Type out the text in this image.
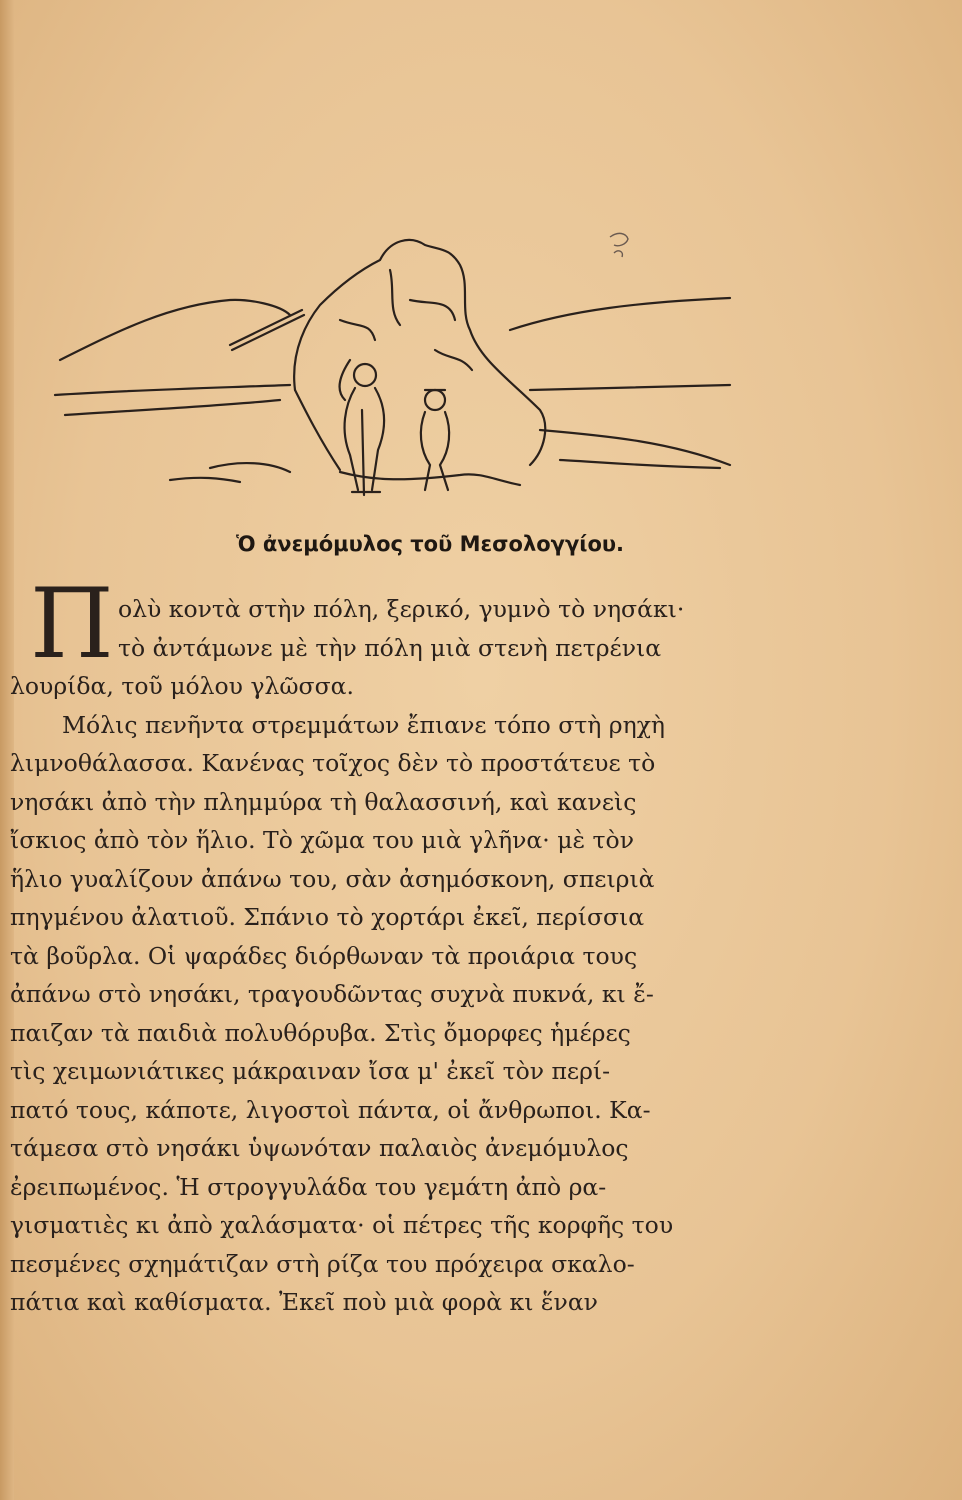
Ὁ ἀνεμόμυλος τοῦ Μεσολογγίου.
Π ολὺ κοντὰ στὴν πόλη, ξερικό, γυμνὸ τὸ νησάκι·
τὸ ἀντάμωνε μὲ τὴν πόλη μιὰ στενὴ πετρένια
λουρίδα, τοῦ μόλου γλῶσσα.
Μόλις πενῆντα στρεμμάτων ἔπιανε τόπο στὴ ρηχὴ
λιμνοθάλασσα. Κανένας τοῖχος δὲν τὸ προστάτευε τὸ
νησάκι ἀπὸ τὴν πλημμύρα τὴ θαλασσινή, καὶ κανεὶς
ἴσκιος ἀπὸ τὸν ἥλιο. Τὸ χῶμα του μιὰ γλῆνα· μὲ τὸν
ἥλιο γυαλίζουν ἀπάνω του, σὰν ἀσημόσκονη, σπειριὰ
πηγμένου ἀλατιοῦ. Σπάνιο τὸ χορτάρι ἐκεῖ, περίσσια
τὰ βοῦρλα. Οἱ ψαράδες διόρθωναν τὰ προιάρια τους
ἀπάνω στὸ νησάκι, τραγουδῶντας συχνὰ πυκνά, κι ἔ-
παιζαν τὰ παιδιὰ πολυθόρυβα. Στὶς ὄμορφες ἡμέρες
τὶς χειμωνιάτικες μάκραιναν ἴσα μ' ἐκεῖ τὸν περί-
πατό τους, κάποτε, λιγοστοὶ πάντα, οἱ ἄνθρωποι. Κα-
τάμεσα στὸ νησάκι ὑψωνόταν παλαιὸς ἀνεμόμυλος
ἐρειπωμένος. Ἡ στρογγυλάδα του γεμάτη ἀπὸ ρα-
γισματιὲς κι ἀπὸ χαλάσματα· οἱ πέτρες τῆς κορφῆς του
πεσμένες σχημάτιζαν στὴ ρίζα του πρόχειρα σκαλο-
πάτια καὶ καθίσματα. Ἐκεῖ ποὺ μιὰ φορὰ κι ἕναν
